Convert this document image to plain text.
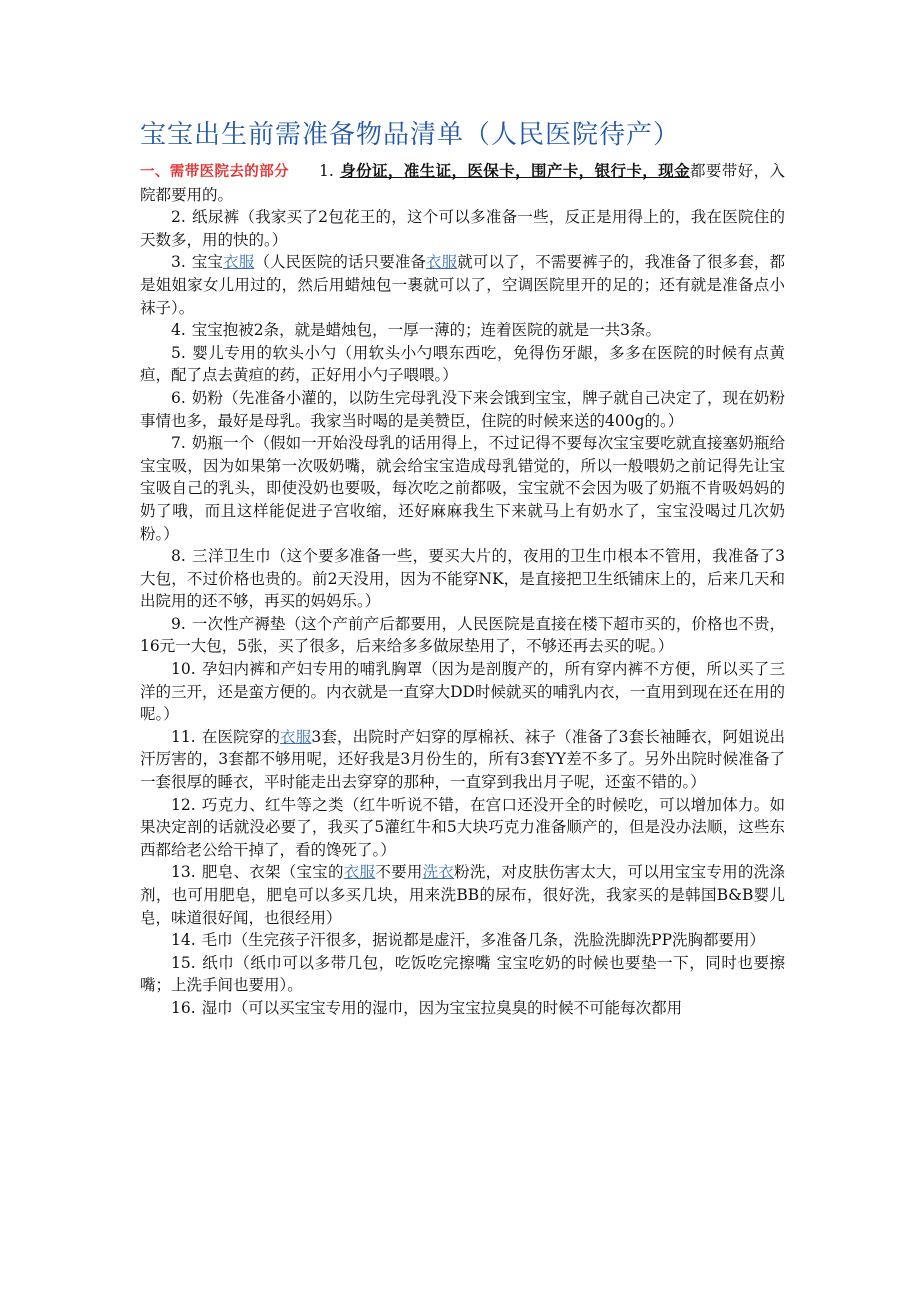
宝宝出生前需准备物品清单（人民医院待产）

一、需带医院去的部分 1. 身份证，准生证，医保卡，围产卡，银行卡，现金都要带好，入院都要用的。

2. 纸尿裤（我家买了2包花王的，这个可以多准备一些，反正是用得上的，我在医院住的天数多，用的快的。）

3. 宝宝衣服（人民医院的话只要准备衣服就可以了，不需要裤子的，我准备了很多套，都是姐姐家女儿用过的，然后用蜡烛包一裹就可以了，空调医院里开的足的；还有就是准备点小袜子）。

4. 宝宝抱被2条，就是蜡烛包，一厚一薄的；连着医院的就是一共3条。

5. 婴儿专用的软头小勺（用软头小勺喂东西吃，免得伤牙龈，多多在医院的时候有点黄疸，配了点去黄疸的药，正好用小勺子喂喂。）

6. 奶粉（先准备小灌的，以防生完母乳没下来会饿到宝宝，牌子就自己决定了，现在奶粉事情也多，最好是母乳。我家当时喝的是美赞臣，住院的时候来送的400g的。）

7. 奶瓶一个（假如一开始没母乳的话用得上，不过记得不要每次宝宝要吃就直接塞奶瓶给宝宝吸，因为如果第一次吸奶嘴，就会给宝宝造成母乳错觉的，所以一般喂奶之前记得先让宝宝吸自己的乳头，即使没奶也要吸，每次吃之前都吸，宝宝就不会因为吸了奶瓶不肯吸妈妈的奶了哦，而且这样能促进子宫收缩，还好麻麻我生下来就马上有奶水了，宝宝没喝过几次奶粉。）

8. 三洋卫生巾（这个要多准备一些，要买大片的，夜用的卫生巾根本不管用，我准备了3大包，不过价格也贵的。前2天没用，因为不能穿NK，是直接把卫生纸铺床上的，后来几天和出院用的还不够，再买的妈妈乐。）

9. 一次性产褥垫（这个产前产后都要用，人民医院是直接在楼下超市买的，价格也不贵，16元一大包，5张，买了很多，后来给多多做尿垫用了，不够还再去买的呢。）

10. 孕妇内裤和产妇专用的哺乳胸罩（因为是剖腹产的，所有穿内裤不方便，所以买了三洋的三开，还是蛮方便的。内衣就是一直穿大DD时候就买的哺乳内衣，一直用到现在还在用的呢。）

11. 在医院穿的衣服3套，出院时产妇穿的厚棉袄、袜子（准备了3套长袖睡衣，阿姐说出汗厉害的，3套都不够用呢，还好我是3月份生的，所有3套YY差不多了。另外出院时候准备了一套很厚的睡衣，平时能走出去穿穿的那种，一直穿到我出月子呢，还蛮不错的。）

12. 巧克力、红牛等之类（红牛听说不错，在宫口还没开全的时候吃，可以增加体力。如果决定剖的话就没必要了，我买了5灌红牛和5大块巧克力准备顺产的，但是没办法顺，这些东西都给老公给干掉了，看的馋死了。）

13. 肥皂、衣架（宝宝的衣服不要用洗衣粉洗，对皮肤伤害太大，可以用宝宝专用的洗涤剂，也可用肥皂，肥皂可以多买几块，用来洗BB的尿布，很好洗，我家买的是韩国B&B婴儿皂，味道很好闻，也很经用）

14. 毛巾（生完孩子汗很多，据说都是虚汗，多准备几条，洗脸洗脚洗PP洗胸都要用）

15. 纸巾（纸巾可以多带几包，吃饭吃完擦嘴 宝宝吃奶的时候也要垫一下，同时也要擦嘴；上洗手间也要用）。

16. 湿巾（可以买宝宝专用的湿巾，因为宝宝拉臭臭的时候不可能每次都用
